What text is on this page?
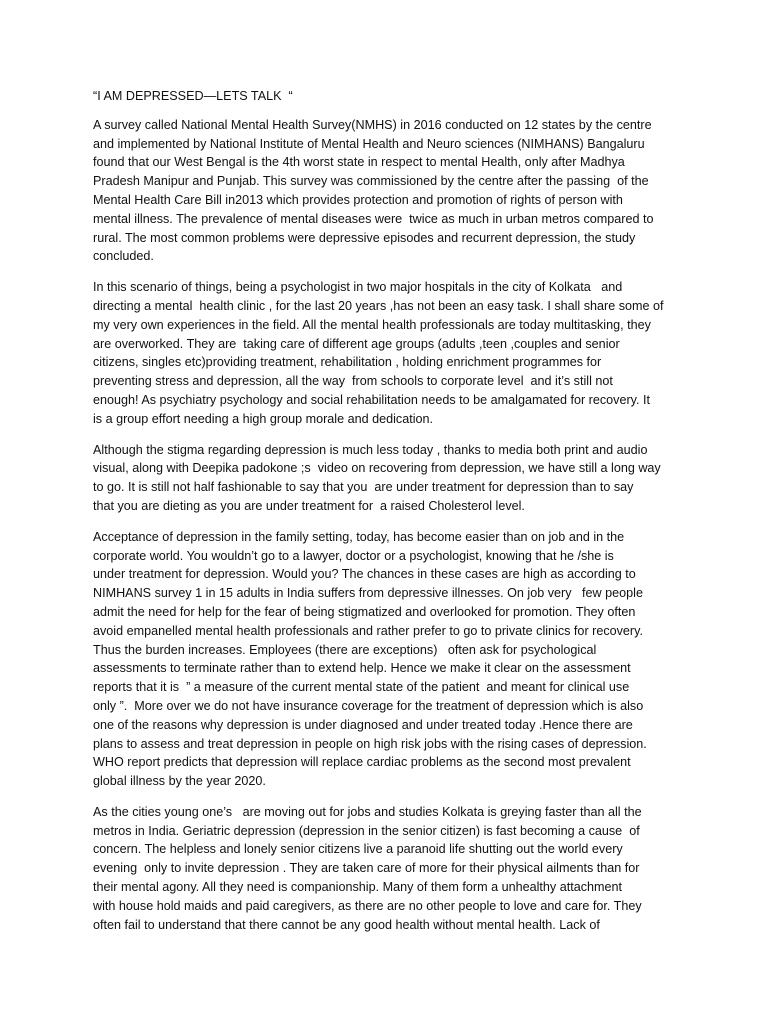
“I AM DEPRESSED—LETS TALK  “
A survey called National Mental Health Survey(NMHS) in 2016 conducted on 12 states by the centre
and implemented by National Institute of Mental Health and Neuro sciences (NIMHANS) Bangaluru
found that our West Bengal is the 4th worst state in respect to mental Health, only after Madhya
Pradesh Manipur and Punjab. This survey was commissioned by the centre after the passing  of the
Mental Health Care Bill in2013 which provides protection and promotion of rights of person with
mental illness. The prevalence of mental diseases were  twice as much in urban metros compared to
rural. The most common problems were depressive episodes and recurrent depression, the study
concluded.
In this scenario of things, being a psychologist in two major hospitals in the city of Kolkata   and
directing a mental  health clinic , for the last 20 years ,has not been an easy task. I shall share some of
my very own experiences in the field. All the mental health professionals are today multitasking, they
are overworked. They are  taking care of different age groups (adults ,teen ,couples and senior
citizens, singles etc)providing treatment, rehabilitation , holding enrichment programmes for
preventing stress and depression, all the way  from schools to corporate level  and it’s still not
enough! As psychiatry psychology and social rehabilitation needs to be amalgamated for recovery. It
is a group effort needing a high group morale and dedication.
Although the stigma regarding depression is much less today , thanks to media both print and audio
visual, along with Deepika padokone ;s  video on recovering from depression, we have still a long way
to go. It is still not half fashionable to say that you  are under treatment for depression than to say
that you are dieting as you are under treatment for  a raised Cholesterol level.
Acceptance of depression in the family setting, today, has become easier than on job and in the
corporate world. You wouldn’t go to a lawyer, doctor or a psychologist, knowing that he /she is
under treatment for depression. Would you? The chances in these cases are high as according to
NIMHANS survey 1 in 15 adults in India suffers from depressive illnesses. On job very   few people
admit the need for help for the fear of being stigmatized and overlooked for promotion. They often
avoid empanelled mental health professionals and rather prefer to go to private clinics for recovery.
Thus the burden increases. Employees (there are exceptions)   often ask for psychological
assessments to terminate rather than to extend help. Hence we make it clear on the assessment
reports that it is  ” a measure of the current mental state of the patient  and meant for clinical use
only ”.  More over we do not have insurance coverage for the treatment of depression which is also
one of the reasons why depression is under diagnosed and under treated today .Hence there are
plans to assess and treat depression in people on high risk jobs with the rising cases of depression.
WHO report predicts that depression will replace cardiac problems as the second most prevalent
global illness by the year 2020.
As the cities young one’s   are moving out for jobs and studies Kolkata is greying faster than all the
metros in India. Geriatric depression (depression in the senior citizen) is fast becoming a cause  of
concern. The helpless and lonely senior citizens live a paranoid life shutting out the world every
evening  only to invite depression . They are taken care of more for their physical ailments than for
their mental agony. All they need is companionship. Many of them form a unhealthy attachment
with house hold maids and paid caregivers, as there are no other people to love and care for. They
often fail to understand that there cannot be any good health without mental health. Lack of
